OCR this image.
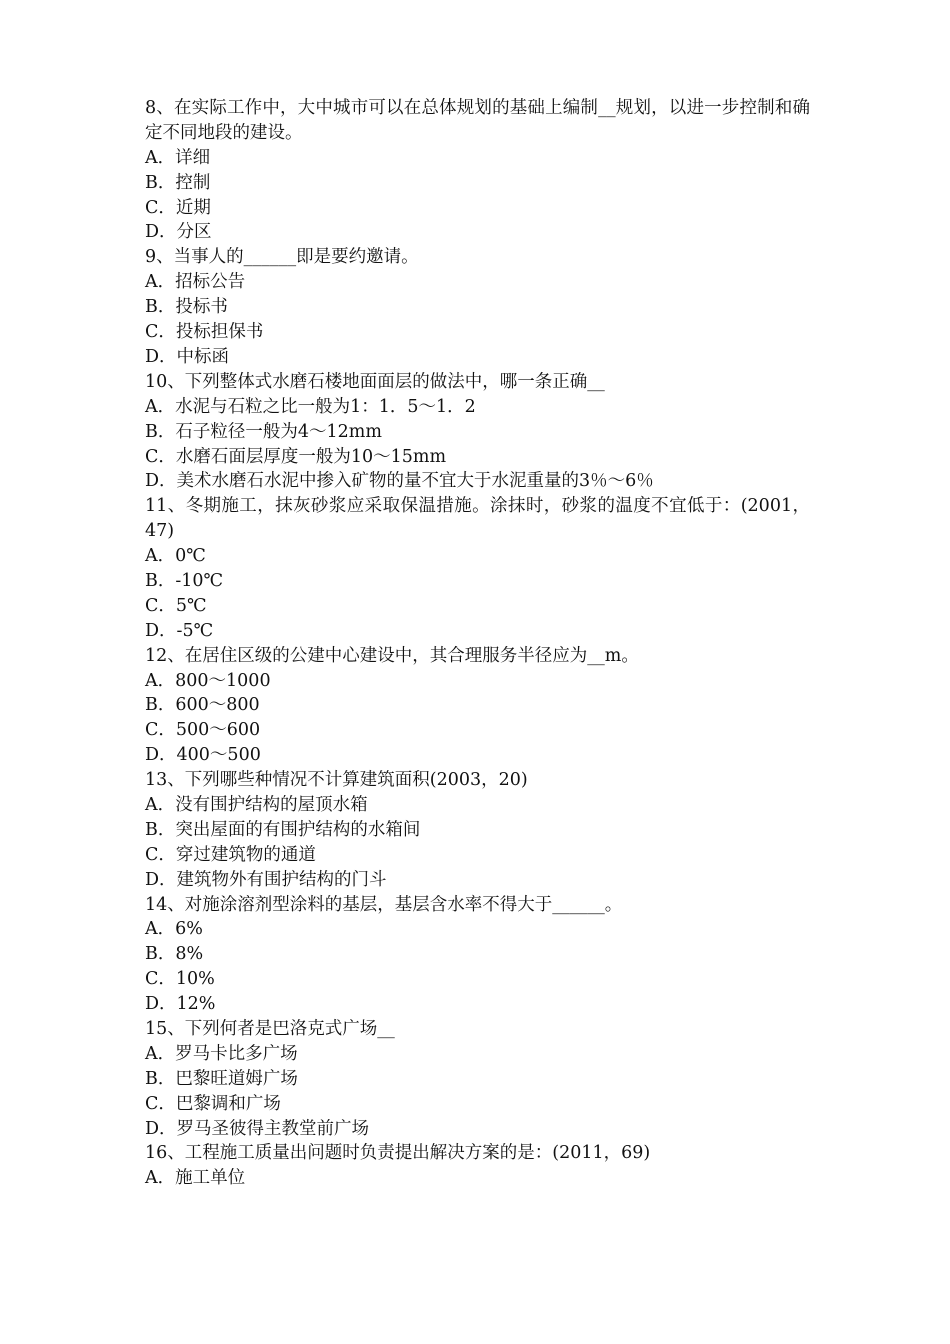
8、在实际工作中，大中城市可以在总体规划的基础上编制__规划，以进一步控制和确定不同地段的建设。
A．详细
B．控制
C．近期
D．分区
9、当事人的______即是要约邀请。
A．招标公告
B．投标书
C．投标担保书
D．中标函
10、下列整体式水磨石楼地面面层的做法中，哪一条正确__
A．水泥与石粒之比一般为1：1．5～1．2
B．石子粒径一般为4～12mm
C．水磨石面层厚度一般为10～15mm
D．美术水磨石水泥中掺入矿物的量不宜大于水泥重量的3％～6％
11、冬期施工，抹灰砂浆应采取保温措施。涂抹时，砂浆的温度不宜低于：(2001，47)
A．0℃
B．-10℃
C．5℃
D．-5℃
12、在居住区级的公建中心建设中，其合理服务半径应为__m。
A．800～1000
B．600～800
C．500～600
D．400～500
13、下列哪些种情况不计算建筑面积(2003，20)
A．没有围护结构的屋顶水箱
B．突出屋面的有围护结构的水箱间
C．穿过建筑物的通道
D．建筑物外有围护结构的门斗
14、对施涂溶剂型涂料的基层，基层含水率不得大于______。
A．6%
B．8%
C．10%
D．12%
15、下列何者是巴洛克式广场__
A．罗马卡比多广场
B．巴黎旺道姆广场
C．巴黎调和广场
D．罗马圣彼得主教堂前广场
16、工程施工质量出问题时负责提出解决方案的是：(2011，69)
A．施工单位
